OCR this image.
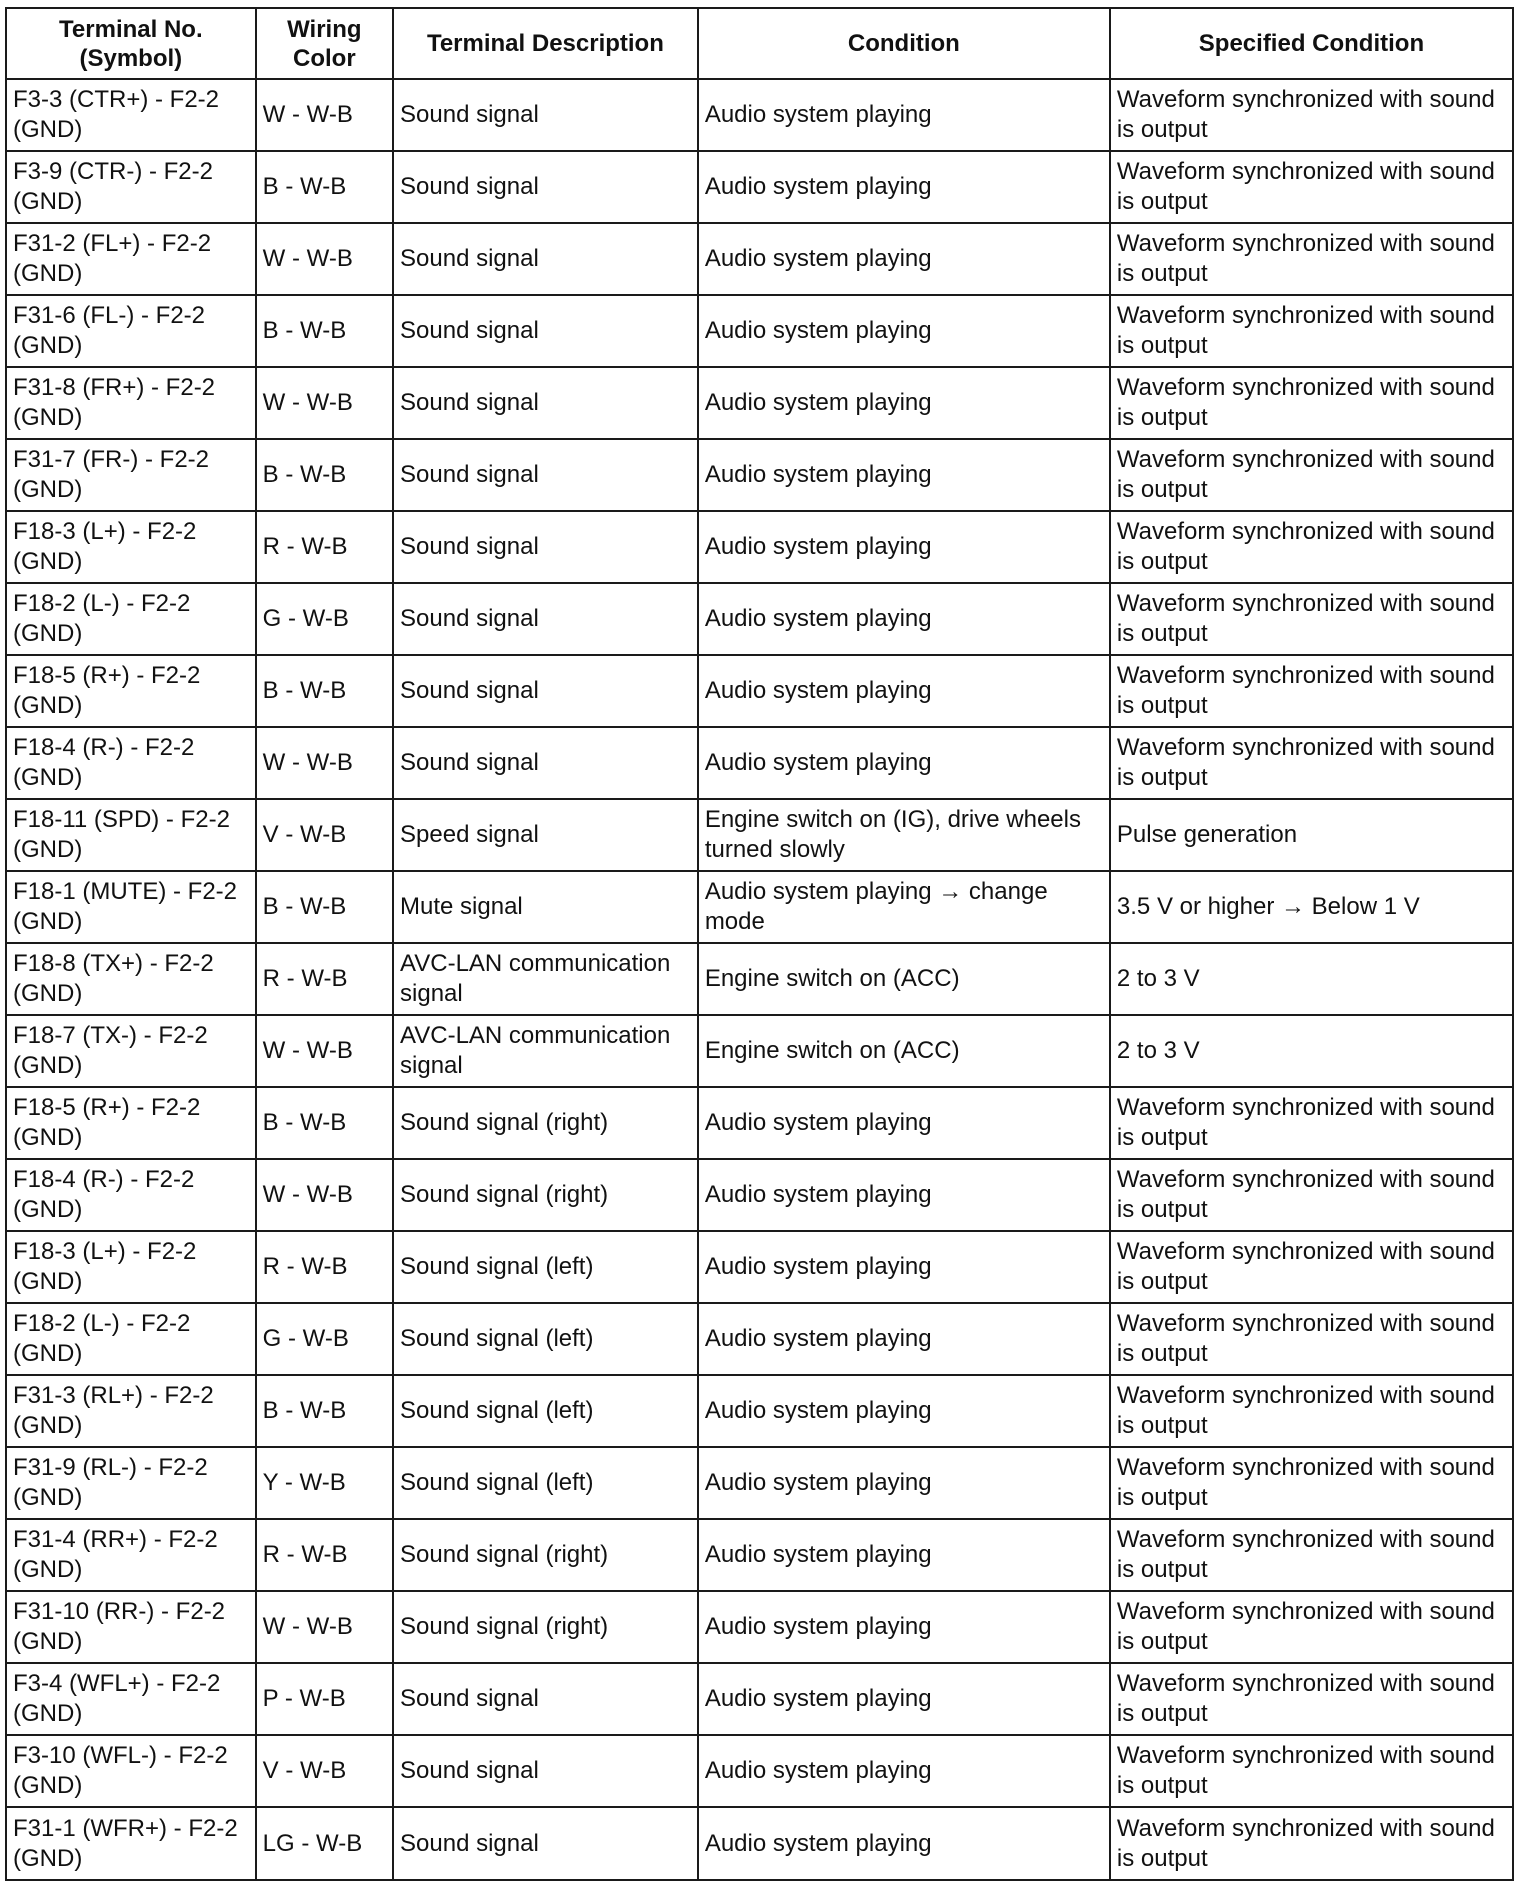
Terminal No. (Symbol)	Wiring Color	Terminal Description	Condition	Specified Condition
F3-3 (CTR+) - F2-2 (GND)	W - W-B	Sound signal	Audio system playing	Waveform synchronized with sound is output
F3-9 (CTR-) - F2-2 (GND)	B - W-B	Sound signal	Audio system playing	Waveform synchronized with sound is output
F31-2 (FL+) - F2-2 (GND)	W - W-B	Sound signal	Audio system playing	Waveform synchronized with sound is output
F31-6 (FL-) - F2-2 (GND)	B - W-B	Sound signal	Audio system playing	Waveform synchronized with sound is output
F31-8 (FR+) - F2-2 (GND)	W - W-B	Sound signal	Audio system playing	Waveform synchronized with sound is output
F31-7 (FR-) - F2-2 (GND)	B - W-B	Sound signal	Audio system playing	Waveform synchronized with sound is output
F18-3 (L+) - F2-2 (GND)	R - W-B	Sound signal	Audio system playing	Waveform synchronized with sound is output
F18-2 (L-) - F2-2 (GND)	G - W-B	Sound signal	Audio system playing	Waveform synchronized with sound is output
F18-5 (R+) - F2-2 (GND)	B - W-B	Sound signal	Audio system playing	Waveform synchronized with sound is output
F18-4 (R-) - F2-2 (GND)	W - W-B	Sound signal	Audio system playing	Waveform synchronized with sound is output
F18-11 (SPD) - F2-2 (GND)	V - W-B	Speed signal	Engine switch on (IG), drive wheels turned slowly	Pulse generation
F18-1 (MUTE) - F2-2 (GND)	B - W-B	Mute signal	Audio system playing → change mode	3.5 V or higher → Below 1 V
F18-8 (TX+) - F2-2 (GND)	R - W-B	AVC-LAN communication signal	Engine switch on (ACC)	2 to 3 V
F18-7 (TX-) - F2-2 (GND)	W - W-B	AVC-LAN communication signal	Engine switch on (ACC)	2 to 3 V
F18-5 (R+) - F2-2 (GND)	B - W-B	Sound signal (right)	Audio system playing	Waveform synchronized with sound is output
F18-4 (R-) - F2-2 (GND)	W - W-B	Sound signal (right)	Audio system playing	Waveform synchronized with sound is output
F18-3 (L+) - F2-2 (GND)	R - W-B	Sound signal (left)	Audio system playing	Waveform synchronized with sound is output
F18-2 (L-) - F2-2 (GND)	G - W-B	Sound signal (left)	Audio system playing	Waveform synchronized with sound is output
F31-3 (RL+) - F2-2 (GND)	B - W-B	Sound signal (left)	Audio system playing	Waveform synchronized with sound is output
F31-9 (RL-) - F2-2 (GND)	Y - W-B	Sound signal (left)	Audio system playing	Waveform synchronized with sound is output
F31-4 (RR+) - F2-2 (GND)	R - W-B	Sound signal (right)	Audio system playing	Waveform synchronized with sound is output
F31-10 (RR-) - F2-2 (GND)	W - W-B	Sound signal (right)	Audio system playing	Waveform synchronized with sound is output
F3-4 (WFL+) - F2-2 (GND)	P - W-B	Sound signal	Audio system playing	Waveform synchronized with sound is output
F3-10 (WFL-) - F2-2 (GND)	V - W-B	Sound signal	Audio system playing	Waveform synchronized with sound is output
F31-1 (WFR+) - F2-2 (GND)	LG - W-B	Sound signal	Audio system playing	Waveform synchronized with sound is output
